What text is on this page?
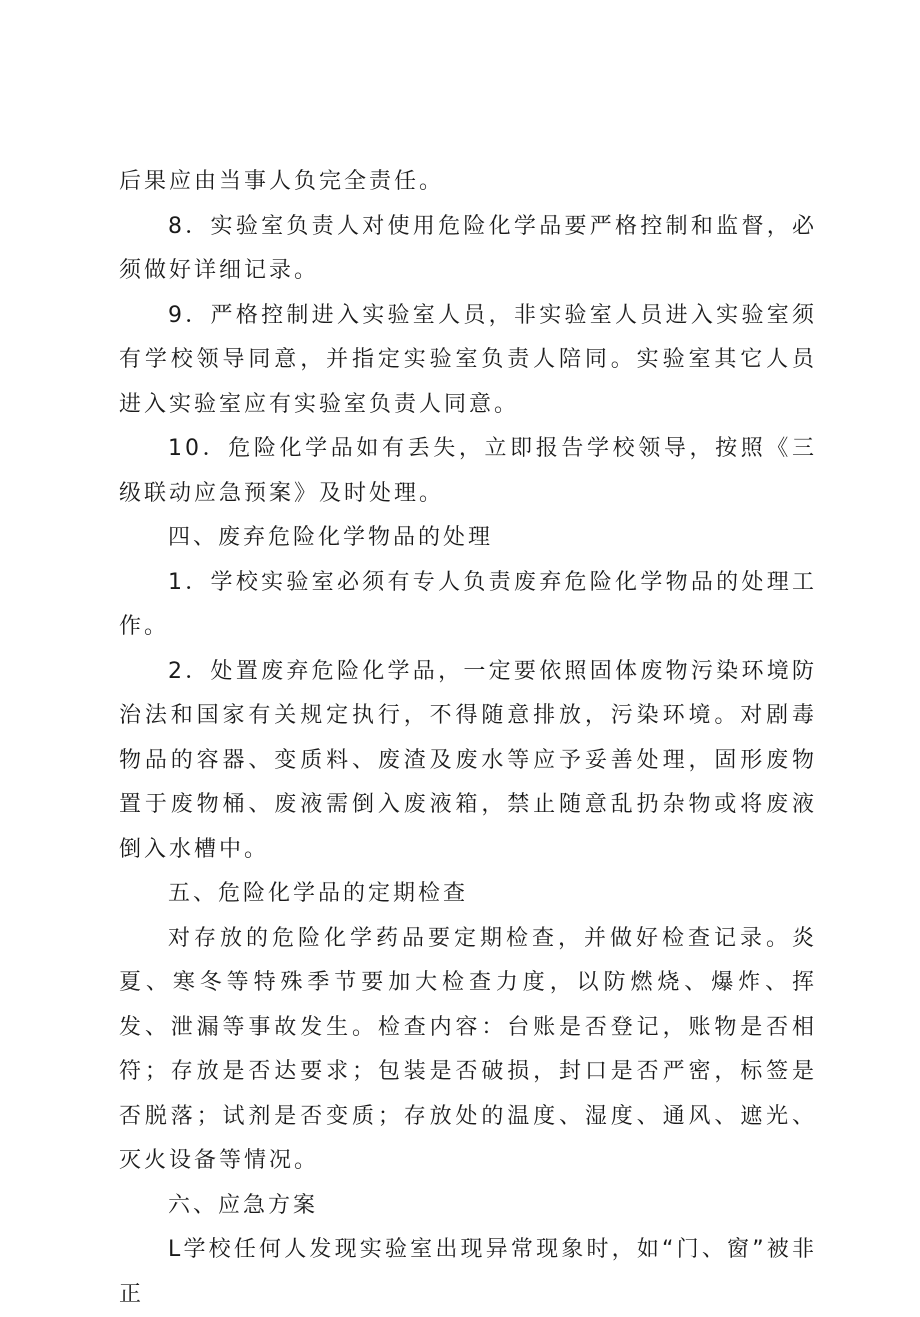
后果应由当事人负完全责任。

8．实验室负责人对使用危险化学品要严格控制和监督，必须做好详细记录。

9．严格控制进入实验室人员，非实验室人员进入实验室须有学校领导同意，并指定实验室负责人陪同。实验室其它人员进入实验室应有实验室负责人同意。

10．危险化学品如有丢失，立即报告学校领导，按照《三级联动应急预案》及时处理。

四、废弃危险化学物品的处理

1．学校实验室必须有专人负责废弃危险化学物品的处理工作。

2．处置废弃危险化学品，一定要依照固体废物污染环境防治法和国家有关规定执行，不得随意排放，污染环境。对剧毒物品的容器、变质料、废渣及废水等应予妥善处理，固形废物置于废物桶、废液需倒入废液箱，禁止随意乱扔杂物或将废液倒入水槽中。

五、危险化学品的定期检查

对存放的危险化学药品要定期检查，并做好检查记录。炎夏、寒冬等特殊季节要加大检查力度，以防燃烧、爆炸、挥发、泄漏等事故发生。检查内容：台账是否登记，账物是否相符；存放是否达要求；包装是否破损，封口是否严密，标签是否脱落；试剂是否变质；存放处的温度、湿度、通风、遮光、灭火设备等情况。

六、应急方案

L学校任何人发现实验室出现异常现象时，如“门、窗”被非正
